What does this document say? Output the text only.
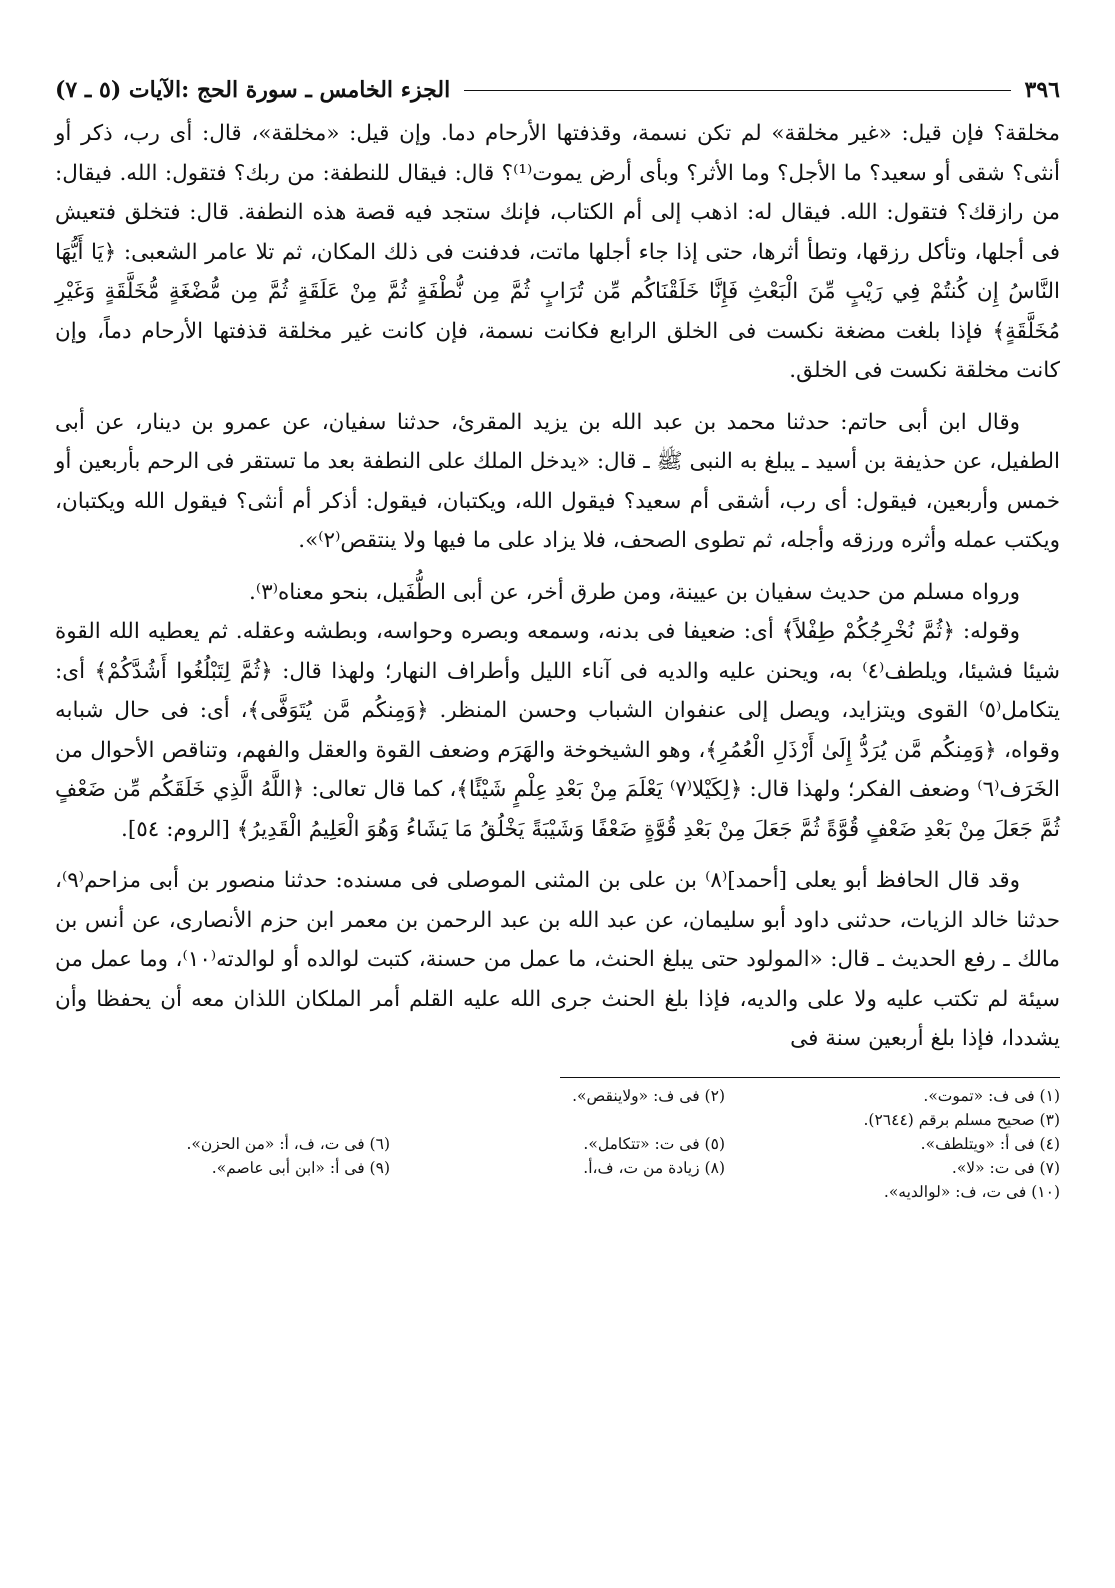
٣٩٦
الجزء الخامس ـ سورة الحج :الآيات (٥ ـ ٧)

مخلقة؟ فإن قيل: «غير مخلقة» لم تكن نسمة، وقذفتها الأرحام دما. وإن قيل: «مخلقة»، قال: أى رب، ذكر أو أنثى؟ شقى أو سعيد؟ ما الأجل؟ وما الأثر؟ وبأى أرض يموت⁽¹⁾؟ قال: فيقال للنطفة: من ربك؟ فتقول: الله. فيقال: من رازقك؟ فتقول: الله. فيقال له: اذهب إلى أم الكتاب، فإنك ستجد فيه قصة هذه النطفة. قال: فتخلق فتعيش فى أجلها، وتأكل رزقها، وتطأ أثرها، حتى إذا جاء أجلها ماتت، فدفنت فى ذلك المكان، ثم تلا عامر الشعبى: ﴿يَا أَيُّهَا النَّاسُ إِن كُنتُمْ فِي رَيْبٍ مِّنَ الْبَعْثِ فَإِنَّا خَلَقْنَاكُم مِّن تُرَابٍ ثُمَّ مِن نُّطْفَةٍ ثُمَّ مِنْ عَلَقَةٍ ثُمَّ مِن مُّضْغَةٍ مُّخَلَّقَةٍ وَغَيْرِ مُخَلَّقَةٍ﴾ فإذا بلغت مضغة نكست فى الخلق الرابع فكانت نسمة، فإن كانت غير مخلقة قذفتها الأرحام دماً، وإن كانت مخلقة نكست فى الخلق.

وقال ابن أبى حاتم: حدثنا محمد بن عبد الله بن يزيد المقرئ، حدثنا سفيان، عن عمرو بن دينار، عن أبى الطفيل، عن حذيفة بن أسيد ـ يبلغ به النبى ﷺ ـ قال: «يدخل الملك على النطفة بعد ما تستقر فى الرحم بأربعين أو خمس وأربعين، فيقول: أى رب، أشقى أم سعيد؟ فيقول الله، ويكتبان، فيقول: أذكر أم أنثى؟ فيقول الله ويكتبان، ويكتب عمله وأثره ورزقه وأجله، ثم تطوى الصحف، فلا يزاد على ما فيها ولا ينتقص⁽٢⁾».

ورواه مسلم من حديث سفيان بن عيينة، ومن طرق أخر، عن أبى الطُّفَيل، بنحو معناه⁽٣⁾.

وقوله: ﴿ثُمَّ نُخْرِجُكُمْ طِفْلاً﴾ أى: ضعيفا فى بدنه، وسمعه وبصره وحواسه، وبطشه وعقله. ثم يعطيه الله القوة شيئا فشيئا، ويلطف⁽٤⁾ به، ويحنن عليه والديه فى آناء الليل وأطراف النهار؛ ولهذا قال: ﴿ثُمَّ لِتَبْلُغُوا أَشُدَّكُمْ﴾ أى: يتكامل⁽٥⁾ القوى ويتزايد، ويصل إلى عنفوان الشباب وحسن المنظر. ﴿وَمِنكُم مَّن يُتَوَفَّى﴾، أى: فى حال شبابه وقواه، ﴿وَمِنكُم مَّن يُرَدُّ إِلَىٰ أَرْذَلِ الْعُمُرِ﴾، وهو الشيخوخة والهَرَم وضعف القوة والعقل والفهم، وتناقص الأحوال من الخَرَف⁽٦⁾ وضعف الفكر؛ ولهذا قال: ﴿لِكَيْلا⁽٧⁾ يَعْلَمَ مِنْ بَعْدِ عِلْمٍ شَيْئًا﴾، كما قال تعالى: ﴿اللَّهُ الَّذِي خَلَقَكُم مِّن ضَعْفٍ ثُمَّ جَعَلَ مِنْ بَعْدِ ضَعْفٍ قُوَّةً ثُمَّ جَعَلَ مِنْ بَعْدِ قُوَّةٍ ضَعْفًا وَشَيْبَةً يَخْلُقُ مَا يَشَاءُ وَهُوَ الْعَلِيمُ الْقَدِيرُ﴾ [الروم: ٥٤].

وقد قال الحافظ أبو يعلى [أحمد]⁽٨⁾ بن على بن المثنى الموصلى فى مسنده: حدثنا منصور بن أبى مزاحم⁽٩⁾، حدثنا خالد الزيات، حدثنى داود أبو سليمان، عن عبد الله بن عبد الرحمن بن معمر ابن حزم الأنصارى، عن أنس بن مالك ـ رفع الحديث ـ قال: «المولود حتى يبلغ الحنث، ما عمل من حسنة، كتبت لوالده أو لوالدته⁽١٠⁾، وما عمل من سيئة لم تكتب عليه ولا على والديه، فإذا بلغ الحنث جرى الله عليه القلم أمر الملكان اللذان معه أن يحفظا وأن يشددا، فإذا بلغ أربعين سنة فى

(١) فى ف: «تموت».
(٢) فى ف: «ولاينقص».
(٣) صحيح مسلم برقم (٢٦٤٤).
(٤) فى أ: «ويتلطف».
(٥) فى ت: «تتكامل».
(٦) فى ت، ف، أ: «من الحزن».
(٧) فى ت: «لا».
(٨) زيادة من ت، ف،أ.
(٩) فى أ: «ابن أبى عاصم».
(١٠) فى ت، ف: «لوالديه».
